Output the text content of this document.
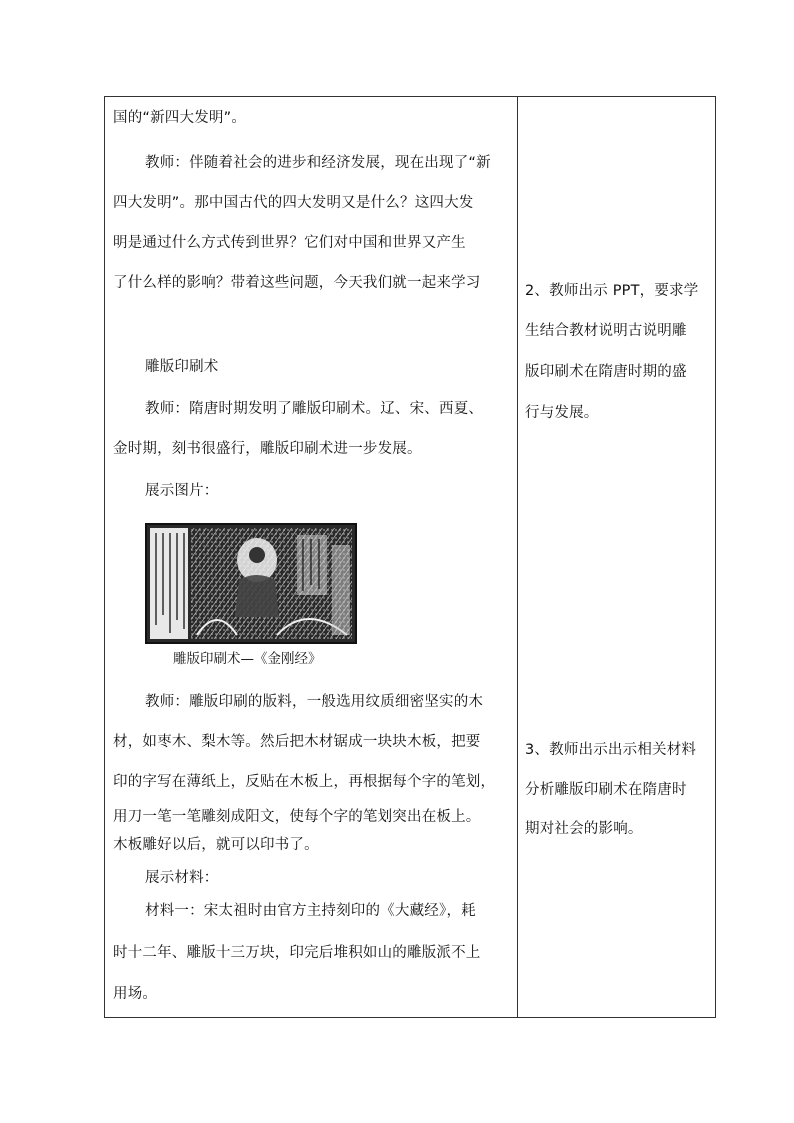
国的“新四大发明”。
教师：伴随着社会的进步和经济发展，现在出现了“新
四大发明”。那中国古代的四大发明又是什么？这四大发
明是通过什么方式传到世界？它们对中国和世界又产生
了什么样的影响？带着这些问题，今天我们就一起来学习
雕版印刷术
教师：隋唐时期发明了雕版印刷术。辽、宋、西夏、
金时期，刻书很盛行，雕版印刷术进一步发展。
展示图片：
雕版印刷术—《金刚经》
教师：雕版印刷的版料，一般选用纹质细密坚实的木
材，如枣木、梨木等。然后把木材锯成一块块木板，把要
印的字写在薄纸上，反贴在木板上，再根据每个字的笔划，
用刀一笔一笔雕刻成阳文，使每个字的笔划突出在板上。
木板雕好以后，就可以印书了。
展示材料：
材料一：宋太祖时由官方主持刻印的《大藏经》，耗
时十二年、雕版十三万块，印完后堆积如山的雕版派不上
用场。
2、教师出示 PPT，要求学
生结合教材说明古说明雕
版印刷术在隋唐时期的盛
行与发展。
3、教师出示出示相关材料
分析雕版印刷术在隋唐时
期对社会的影响。
